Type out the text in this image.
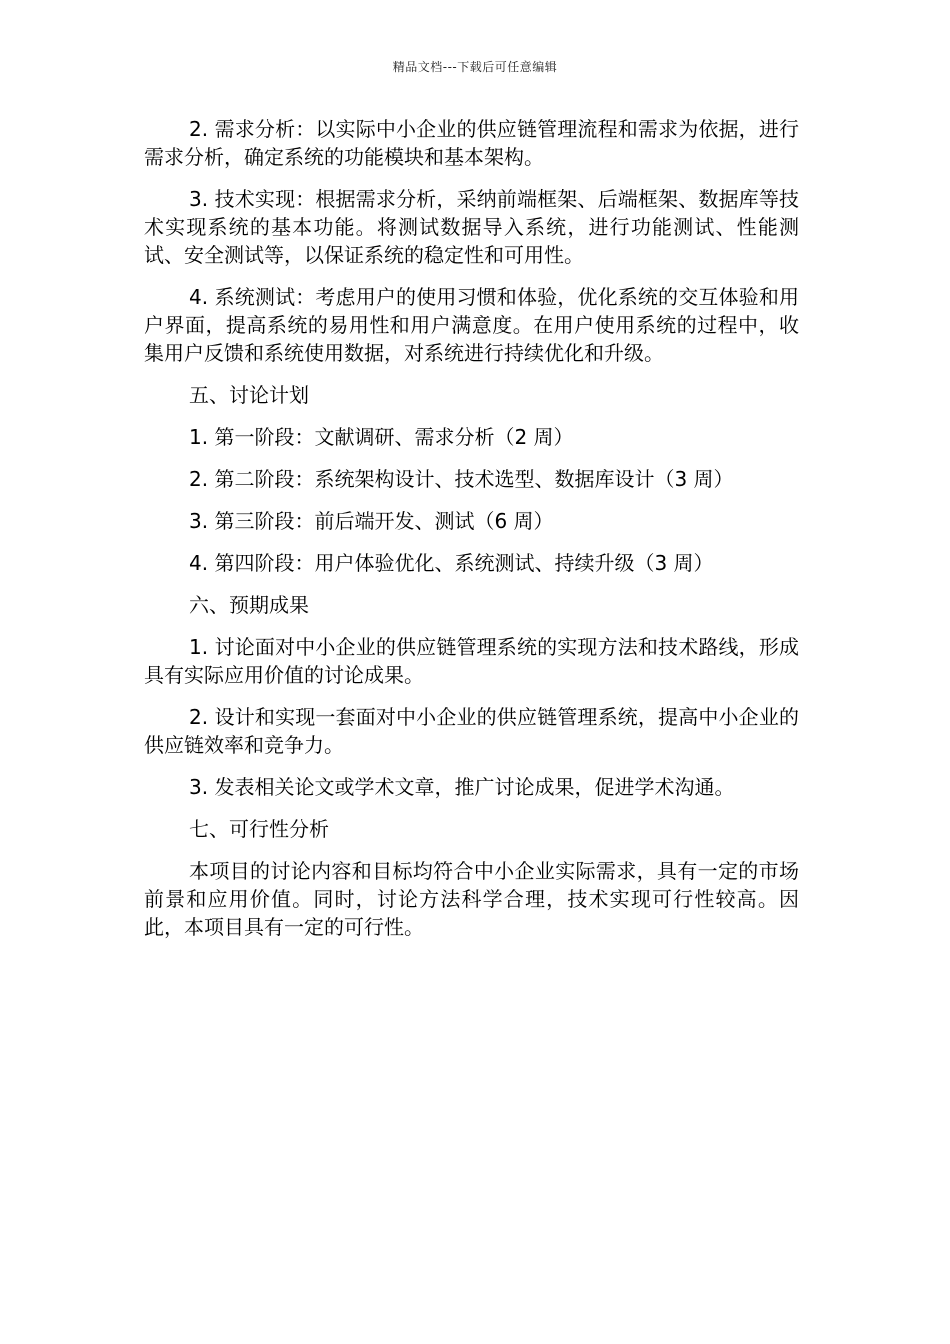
精品文档---下载后可任意编辑

2. 需求分析：以实际中小企业的供应链管理流程和需求为依据，进行需求分析，确定系统的功能模块和基本架构。

3. 技术实现：根据需求分析，采纳前端框架、后端框架、数据库等技术实现系统的基本功能。将测试数据导入系统，进行功能测试、性能测试、安全测试等，以保证系统的稳定性和可用性。

4. 系统测试：考虑用户的使用习惯和体验，优化系统的交互体验和用户界面，提高系统的易用性和用户满意度。在用户使用系统的过程中，收集用户反馈和系统使用数据，对系统进行持续优化和升级。

五、讨论计划

1. 第一阶段：文献调研、需求分析（2 周）

2. 第二阶段：系统架构设计、技术选型、数据库设计（3 周）

3. 第三阶段：前后端开发、测试（6 周）

4. 第四阶段：用户体验优化、系统测试、持续升级（3 周）

六、预期成果

1. 讨论面对中小企业的供应链管理系统的实现方法和技术路线，形成具有实际应用价值的讨论成果。

2. 设计和实现一套面对中小企业的供应链管理系统，提高中小企业的供应链效率和竞争力。

3. 发表相关论文或学术文章，推广讨论成果，促进学术沟通。

七、可行性分析

本项目的讨论内容和目标均符合中小企业实际需求，具有一定的市场前景和应用价值。同时，讨论方法科学合理，技术实现可行性较高。因此，本项目具有一定的可行性。
